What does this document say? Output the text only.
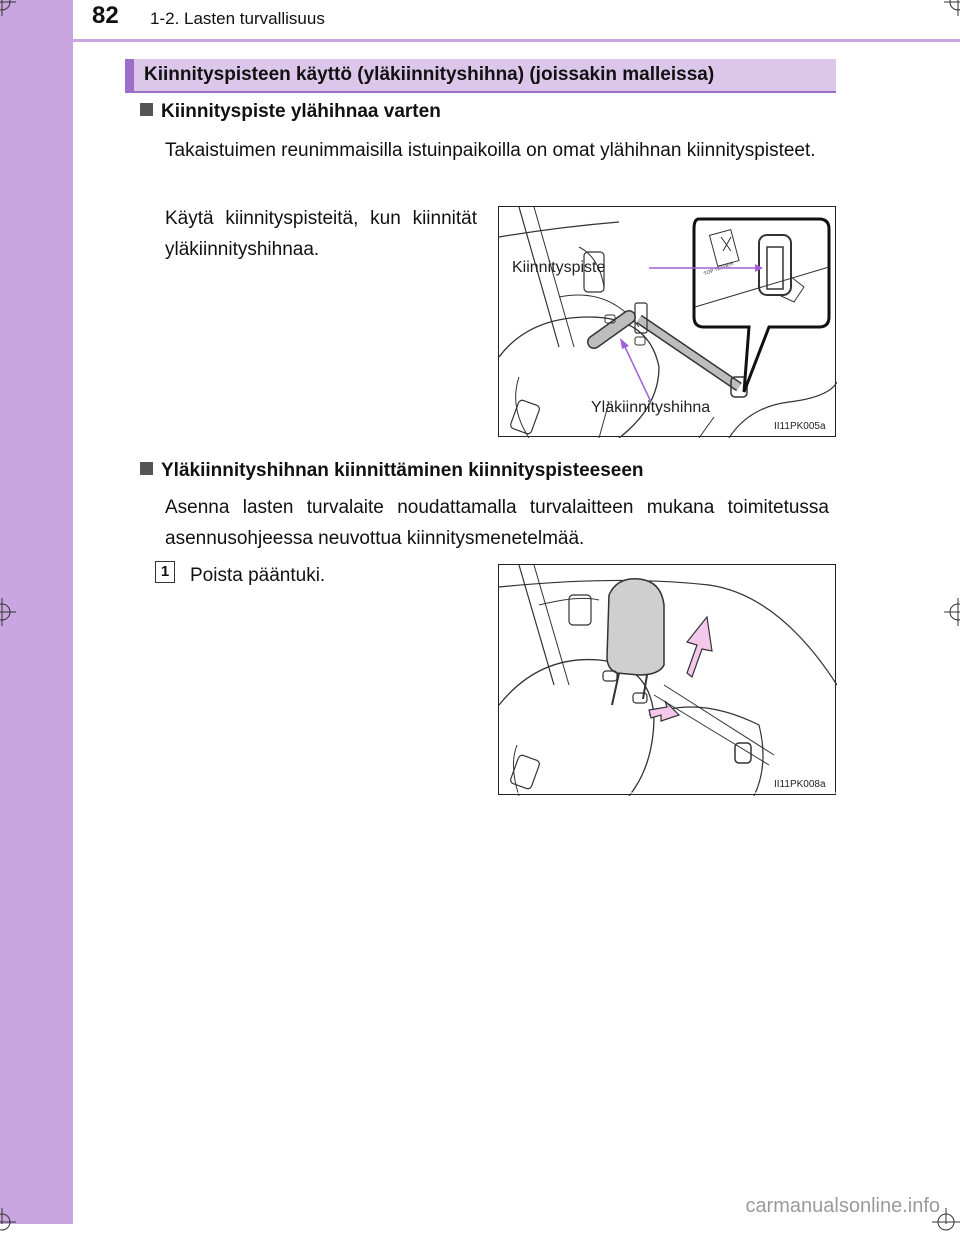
82 1-2. Lasten turvallisuus
Kiinnityspisteen käyttö (yläkiinnityshihna) (joissakin malleissa)
Kiinnityspiste ylähihnaa varten
Takaistuimen reunimmaisilla istuinpaikoilla on omat ylähihnan kiinnityspisteet.
Käytä kiinnityspisteitä, kun kiinnität yläkiinnityshihnaa.
TOP TETHER
Kiinnityspiste
Yläkiinnityshihna
II11PK005a
Yläkiinnityshihnan kiinnittäminen kiinnityspisteeseen
Asenna lasten turvalaite noudattamalla turvalaitteen mukana toimitetussa asennusohjeessa neuvottua kiinnitysmenetelmää.
1	Poista pääntuki.
II11PK008a
carmanualsonline.info
